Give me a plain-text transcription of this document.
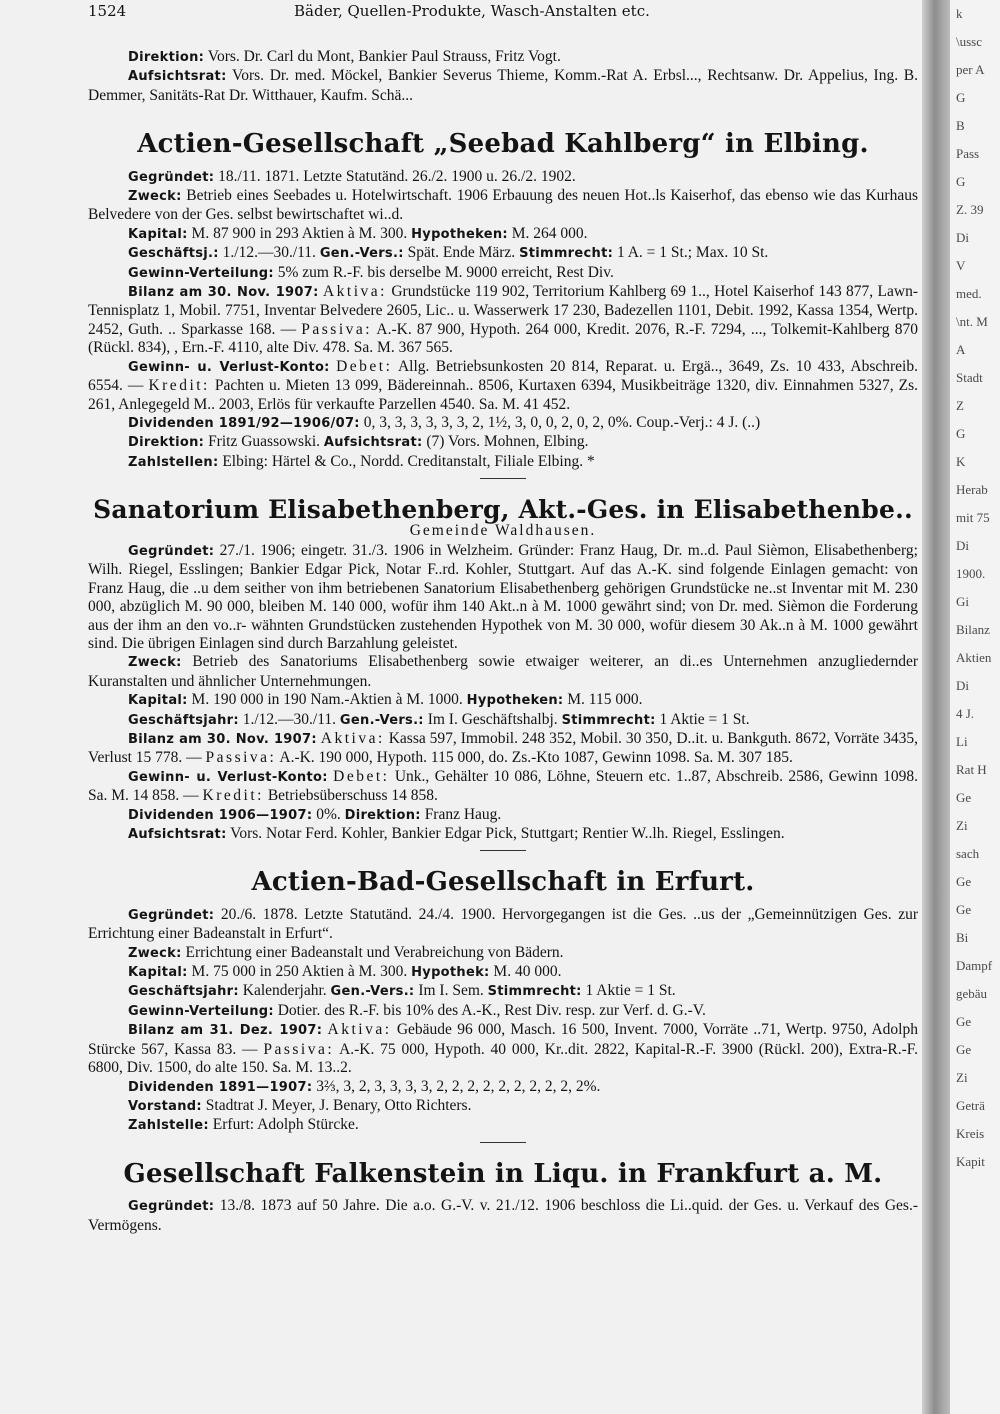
1524	Bäder, Quellen-Produkte, Wasch-Anstalten etc.

Direktion: Vors. Dr. Carl du Mont, Bankier Paul Strauss, Fritz Vogt.

Aufsichtsrat: Vors. Dr. med. Möckel, Bankier Severus Thieme, Komm.-Rat A. Erbsl..., Rechtsanw. Dr. Appelius, Ing. B. Demmer, Sanitäts-Rat Dr. Witthauer, Kaufm. Schä...

Actien-Gesellschaft „Seebad Kahlberg“ in Elbing.

Gegründet: 18./11. 1871. Letzte Statutänd. 26./2. 1900 u. 26./2. 1902.

Zweck: Betrieb eines Seebades u. Hotelwirtschaft. 1906 Erbauung des neuen Hot..ls Kaiserhof, das ebenso wie das Kurhaus Belvedere von der Ges. selbst bewirtschaftet wi..d.

Kapital: M. 87 900 in 293 Aktien à M. 300. Hypotheken: M. 264 000.

Geschäftsj.: 1./12.—30./11. Gen.-Vers.: Spät. Ende März. Stimmrecht: 1 A. = 1 St.; Max. 10 St.

Gewinn-Verteilung: 5% zum R.-F. bis derselbe M. 9000 erreicht, Rest Div.

Bilanz am 30. Nov. 1907: Aktiva: Grundstücke 119 902, Territorium Kahlberg 69 1.., Hotel Kaiserhof 143 877, Lawn-Tennisplatz 1, Mobil. 7751, Inventar Belvedere 2605, Lic.. u. Wasserwerk 17 230, Badezellen 1101, Debit. 1992, Kassa 1354, Wertp. 2452, Guth. .. Sparkasse 168. — Passiva: A.-K. 87 900, Hypoth. 264 000, Kredit. 2076, R.-F. 7294, ..., Tolkemit-Kahlberg 870 (Rückl. 834), , Ern.-F. 4110, alte Div. 478. Sa. M. 367 565.

Gewinn- u. Verlust-Konto: Debet: Allg. Betriebsunkosten 20 814, Reparat. u. Ergä.., 3649, Zs. 10 433, Abschreib. 6554. — Kredit: Pachten u. Mieten 13 099, Bädereinnah.. 8506, Kurtaxen 6394, Musikbeiträge 1320, div. Einnahmen 5327, Zs. 261, Anlegegeld M.. 2003, Erlös für verkaufte Parzellen 4540. Sa. M. 41 452.

Dividenden 1891/92—1906/07: 0, 3, 3, 3, 3, 3, 3, 2, 1½, 3, 0, 0, 2, 0, 2, 0%. Coup.-Verj.: 4 J. (..)

Direktion: Fritz Guassowski. Aufsichtsrat: (7) Vors. Mohnen, Elbing.

Zahlstellen: Elbing: Härtel & Co., Nordd. Creditanstalt, Filiale Elbing. *

Sanatorium Elisabethenberg, Akt.-Ges. in Elisabethenbe..
Gemeinde Waldhausen.

Gegründet: 27./1. 1906; eingetr. 31./3. 1906 in Welzheim. Gründer: Franz Haug, Dr. m..d. Paul Sièmon, Elisabethenberg; Wilh. Riegel, Esslingen; Bankier Edgar Pick, Notar F..rd. Kohler, Stuttgart. Auf das A.-K. sind folgende Einlagen gemacht: von Franz Haug, die ..u dem seither von ihm betriebenen Sanatorium Elisabethenberg gehörigen Grundstücke ne..st Inventar mit M. 230 000, abzüglich M. 90 000, bleiben M. 140 000, wofür ihm 140 Akt..n à M. 1000 gewährt sind; von Dr. med. Sièmon die Forderung aus der ihm an den vo..r- wähnten Grundstücken zustehenden Hypothek von M. 30 000, wofür diesem 30 Ak..n à M. 1000 gewährt sind. Die übrigen Einlagen sind durch Barzahlung geleistet.

Zweck: Betrieb des Sanatoriums Elisabethenberg sowie etwaiger weiterer, an di..es Unternehmen anzugliedernder Kuranstalten und ähnlicher Unternehmungen.

Kapital: M. 190 000 in 190 Nam.-Aktien à M. 1000. Hypotheken: M. 115 000.

Geschäftsjahr: 1./12.—30./11. Gen.-Vers.: Im I. Geschäftshalbj. Stimmrecht: 1 Aktie = 1 St.

Bilanz am 30. Nov. 1907: Aktiva: Kassa 597, Immobil. 248 352, Mobil. 30 350, D..it. u. Bankguth. 8672, Vorräte 3435, Verlust 15 778. — Passiva: A.-K. 190 000, Hypoth. 115 000, do. Zs.-Kto 1087, Gewinn 1098. Sa. M. 307 185.

Gewinn- u. Verlust-Konto: Debet: Unk., Gehälter 10 086, Löhne, Steuern etc. 1..87, Abschreib. 2586, Gewinn 1098. Sa. M. 14 858. — Kredit: Betriebsüberschuss 14 858.

Dividenden 1906—1907: 0%. Direktion: Franz Haug.

Aufsichtsrat: Vors. Notar Ferd. Kohler, Bankier Edgar Pick, Stuttgart; Rentier W..lh. Riegel, Esslingen.

Actien-Bad-Gesellschaft in Erfurt.

Gegründet: 20./6. 1878. Letzte Statutänd. 24./4. 1900. Hervorgegangen ist die Ges. ..us der „Gemeinnützigen Ges. zur Errichtung einer Badeanstalt in Erfurt“.

Zweck: Errichtung einer Badeanstalt und Verabreichung von Bädern.

Kapital: M. 75 000 in 250 Aktien à M. 300. Hypothek: M. 40 000.

Geschäftsjahr: Kalenderjahr. Gen.-Vers.: Im I. Sem. Stimmrecht: 1 Aktie = 1 St.

Gewinn-Verteilung: Dotier. des R.-F. bis 10% des A.-K., Rest Div. resp. zur Verf. d. G.-V.

Bilanz am 31. Dez. 1907: Aktiva: Gebäude 96 000, Masch. 16 500, Invent. 7000, Vorräte ..71, Wertp. 9750, Adolph Stürcke 567, Kassa 83. — Passiva: A.-K. 75 000, Hypoth. 40 000, Kr..dit. 2822, Kapital-R.-F. 3900 (Rückl. 200), Extra-R.-F. 6800, Div. 1500, do alte 150. Sa. M. 13..2.

Dividenden 1891—1907: 3⅔, 3, 2, 3, 3, 3, 3, 2, 2, 2, 2, 2, 2, 2, 2, 2, 2%.

Vorstand: Stadtrat J. Meyer, J. Benary, Otto Richters.

Zahlstelle: Erfurt: Adolph Stürcke.

Gesellschaft Falkenstein in Liqu. in Frankfurt a. M.

Gegründet: 13./8. 1873 auf 50 Jahre. Die a.o. G.-V. v. 21./12. 1906 beschloss die Li..quid. der Ges. u. Verkauf des Ges.-Vermögens.

k
\ussc
per A
G
B
Pass
G
Z. 39
Di
V
med.
\nt. M
A
Stadt
Z
G
K
Herab
mit 75
Di
1900.
Gi
Bilanz
Aktien
Di
4 J.
Li
Rat H
Ge
Zi
sach
Ge
Ge
Bi
Dampf
gebäu
Ge
Ge
Zi
Geträ
Kreis
Kapit
